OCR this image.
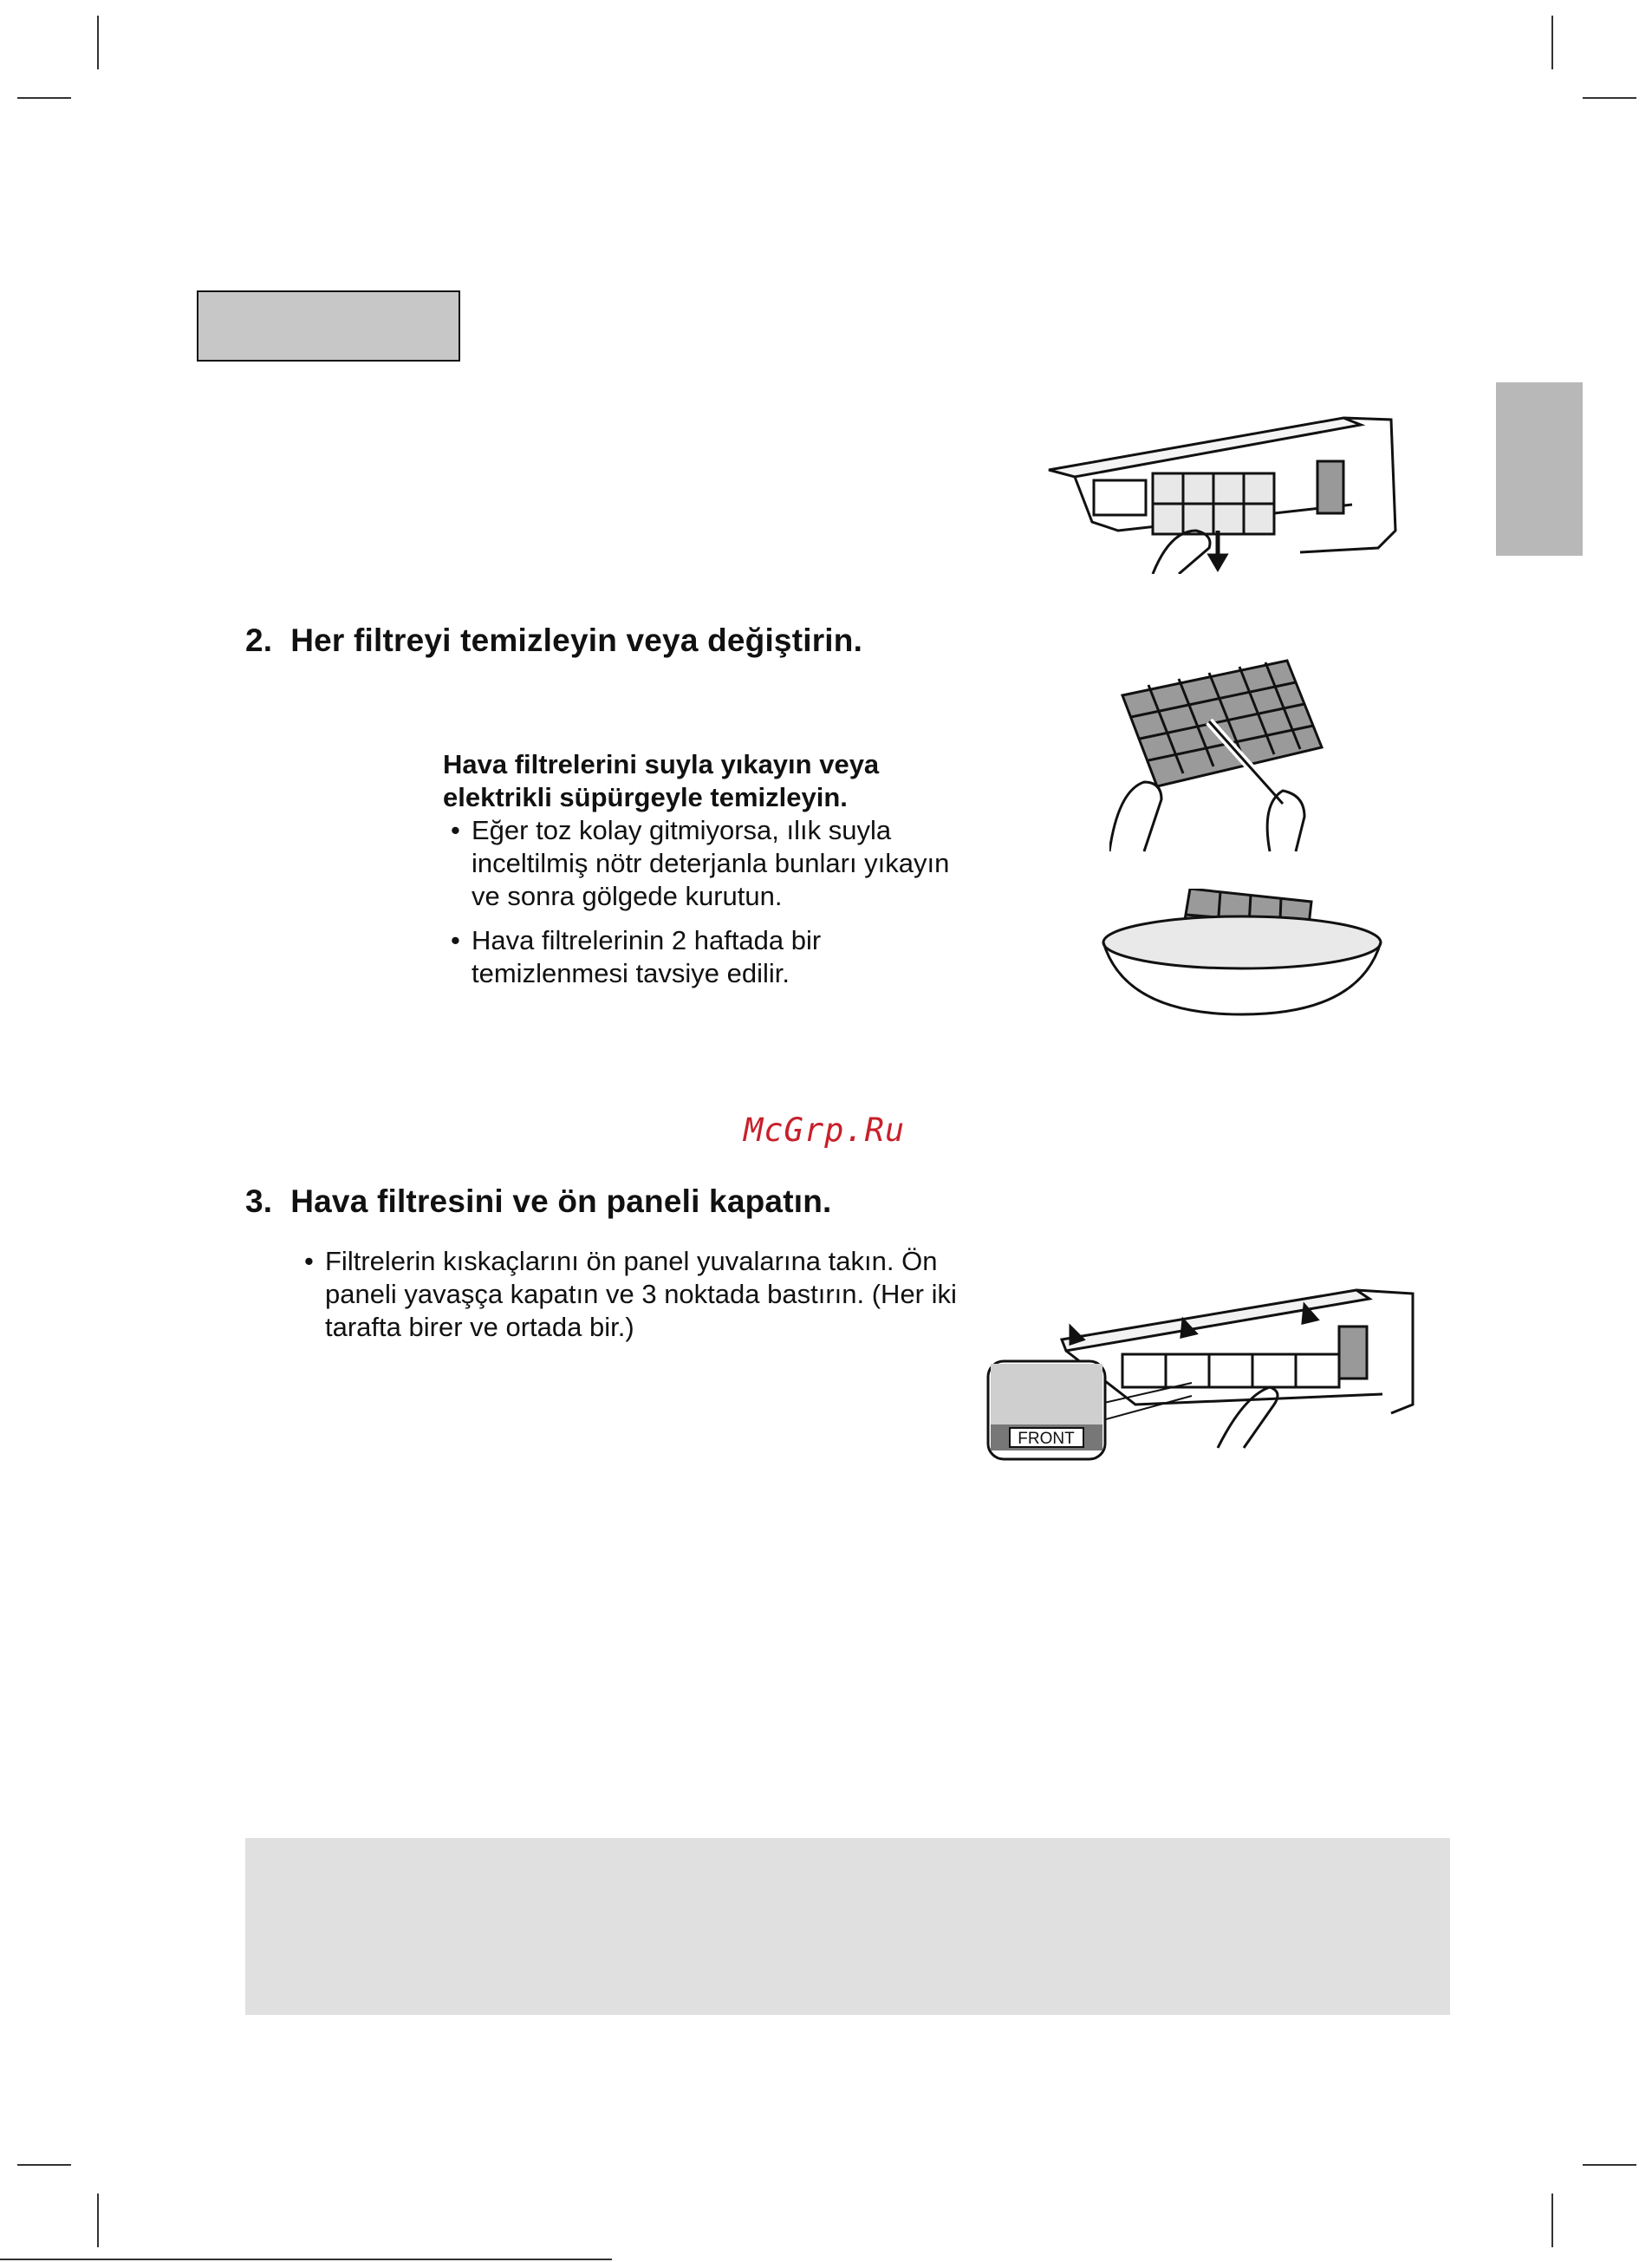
2.  Her filtreyi temizleyin veya değiştirin.
Hava filtrelerini suyla yıkayın veya
elektrikli süpürgeyle temizleyin.
• Eğer toz kolay gitmiyorsa, ılık suyla
inceltilmiş nötr deterjanla bunları yıkayın
ve sonra gölgede kurutun.
• Hava filtrelerinin 2 haftada bir
temizlenmesi tavsiye edilir.
McGrp.Ru
3.  Hava filtresini ve ön paneli kapatın.
• Filtrelerin kıskaçlarını ön panel yuvalarına takın. Ön
paneli yavaşça kapatın ve 3 noktada bastırın. (Her iki
tarafta birer ve ortada bir.)
FRONT
